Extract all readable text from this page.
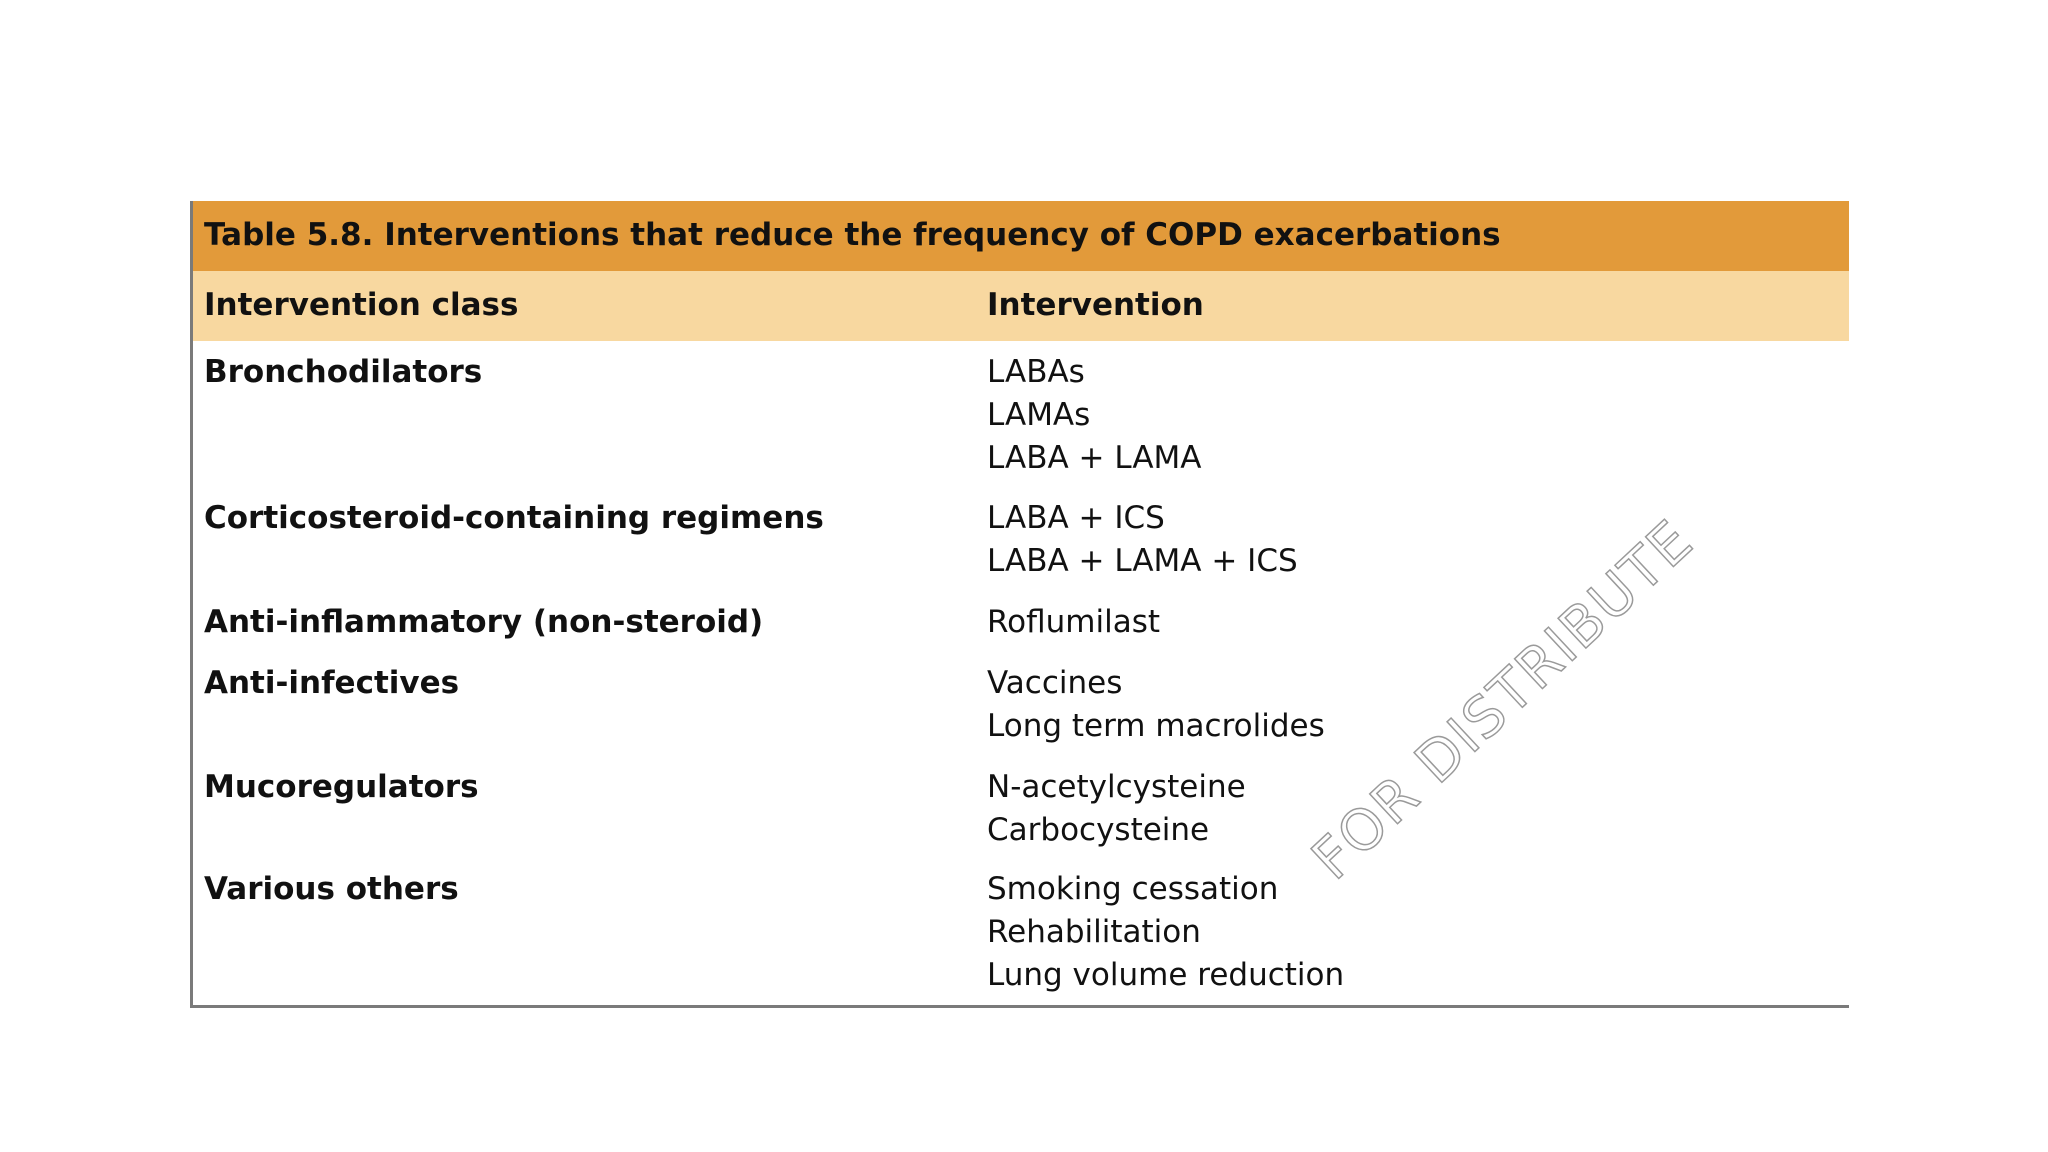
Table 5.8. Interventions that reduce the frequency of COPD exacerbations
Intervention class	Intervention
Bronchodilators	LABAs
LAMAs
LABA + LAMA
Corticosteroid-containing regimens	LABA + ICS
LABA + LAMA + ICS
Anti-inflammatory (non-steroid)	Roflumilast
Anti-infectives	Vaccines
Long term macrolides
Mucoregulators	N-acetylcysteine
Carbocysteine
Various others	Smoking cessation
Rehabilitation
Lung volume reduction
FOR DISTRIBUTE
